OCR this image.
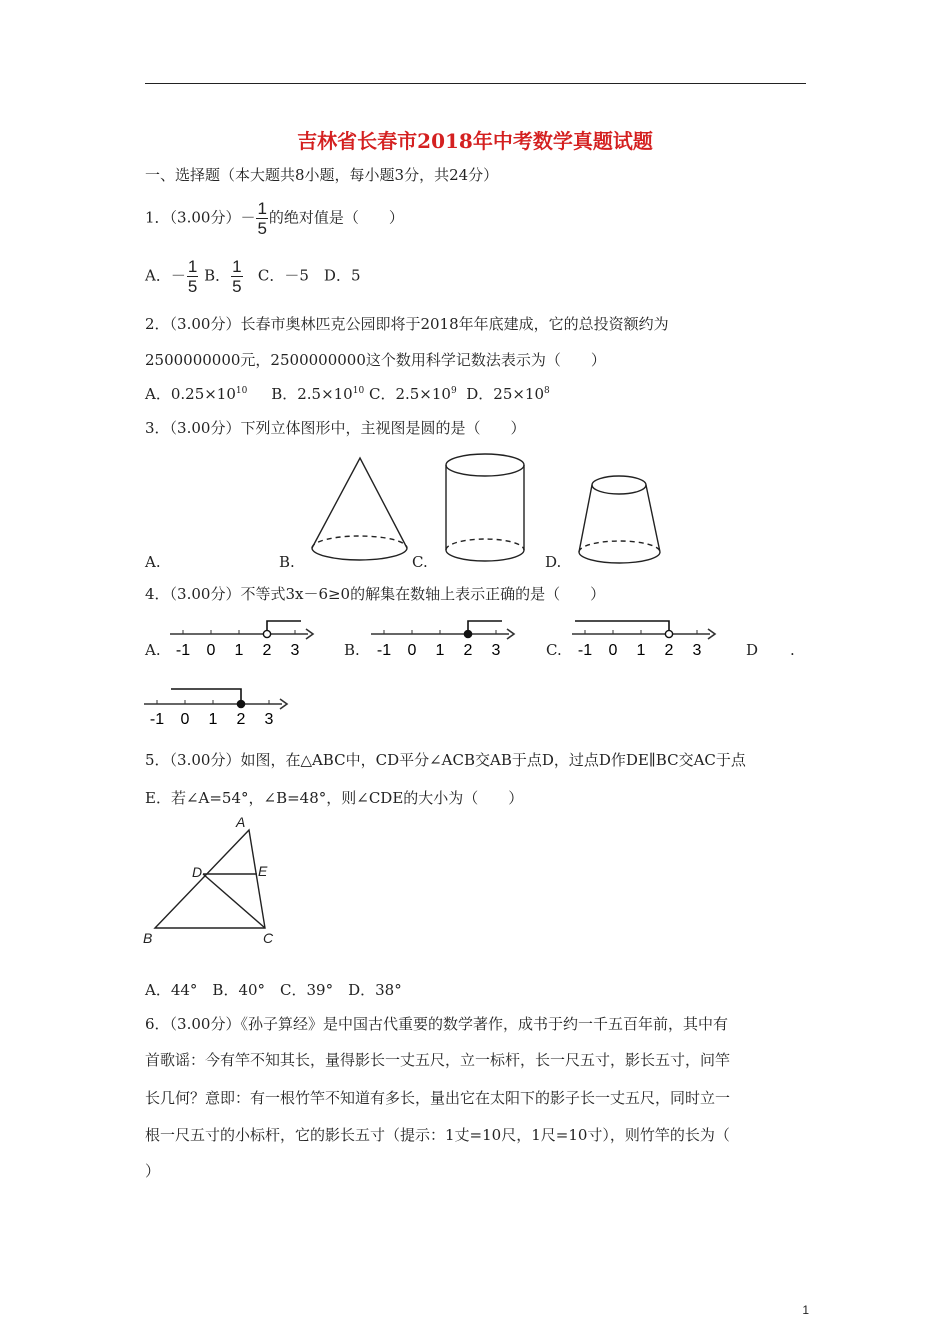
吉林省长春市2018年中考数学真题试题
一、选择题（本大题共8小题，每小题3分，共24分）
1．（3.00分）－ $\frac{1}{5}$ 的绝对值是（　　）
A．－ $\frac{1}{5}$ B． $\frac{1}{5}$ C．－5　D．5
2．（3.00分）长春市奥林匹克公园即将于2018年年底建成，它的总投资额约为
2500000000元，2500000000这个数用科学记数法表示为（　　）
A．$0.25\times 10^{10}$ B．$2.5\times 10^{10}$ C．$2.5\times 10^9$ D．$25\times 10^8$
3．（3.00分）下列立体图形中，主视图是圆的是（　　）
A.	B.	C.	D.
4．（3.00分）不等式3x－6≥0的解集在数轴上表示正确的是（　　）
A.	B.	C.	D .
-1 0 1 2 3	-1 0 1 2 3	-1 0 1 2 3
-1 0 1 2 3
5．（3.00分）如图，在△ABC中，CD平分∠ACB交AB于点D，过点D作DE∥BC交AC于点
E．若∠A=54°，∠B=48°，则∠CDE的大小为（　　）
A
D	E
B	C
A．44°　B．40°　C．39°　D．38°
6．（3.00分）《孙子算经》是中国古代重要的数学著作，成书于约一千五百年前，其中有
首歌谣：今有竿不知其长，量得影长一丈五尺，立一标杆，长一尺五寸，影长五寸，问竿
长几何？意即：有一根竹竿不知道有多长，量出它在太阳下的影子长一丈五尺，同时立一
根一尺五寸的小标杆，它的影长五寸（提示：1丈=10尺，1尺=10寸），则竹竿的长为（
）
1
